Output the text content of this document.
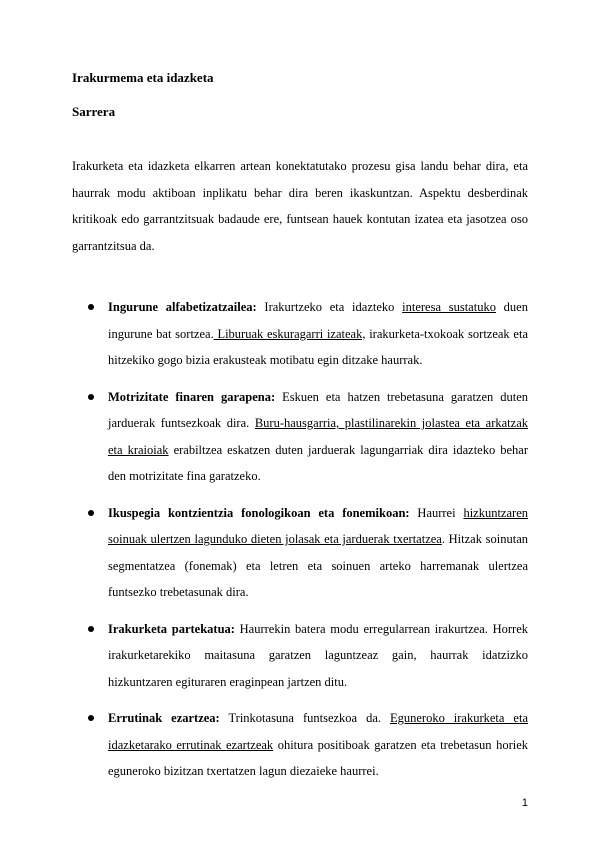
Irakurmema eta idazketa
Sarrera

Irakurketa eta idazketa elkarren artean konektatutako prozesu gisa landu behar dira, eta haurrak modu aktiboan inplikatu behar dira beren ikaskuntzan. Aspektu desberdinak kritikoak edo garrantzitsuak badaude ere, funtsean hauek kontutan izatea eta jasotzea oso garrantzitsua da.

Ingurune alfabetizatzailea: Irakurtzeko eta idazteko interesa sustatuko duen ingurune bat sortzea. Liburuak eskuragarri izateak, irakurketa-txokoak sortzeak eta hitzekiko gogo bizia erakusteak motibatu egin ditzake haurrak.
Motrizitate finaren garapena: Eskuen eta hatzen trebetasuna garatzen duten jarduerak funtsezkoak dira. Buru-hausgarria, plastilinarekin jolastea eta arkatzak eta kraioiak erabiltzea eskatzen duten jarduerak lagungarriak dira idazteko behar den motrizitate fina garatzeko.
Ikuspegia kontzientzia fonologikoan eta fonemikoan: Haurrei hizkuntzaren soinuak ulertzen lagunduko dieten jolasak eta jarduerak txertatzea. Hitzak soinutan segmentatzea (fonemak) eta letren eta soinuen arteko harremanak ulertzea funtsezko trebetasunak dira.
Irakurketa partekatua: Haurrekin batera modu erregularrean irakurtzea. Horrek irakurketarekiko maitasuna garatzen laguntzeaz gain, haurrak idatzizko hizkuntzaren egituraren eraginpean jartzen ditu.
Errutinak ezartzea: Trinkotasuna funtsezkoa da. Eguneroko irakurketa eta idazketarako errutinak ezartzeak ohitura positiboak garatzen eta trebetasun horiek eguneroko bizitzan txertatzen lagun diezaieke haurrei.
1
